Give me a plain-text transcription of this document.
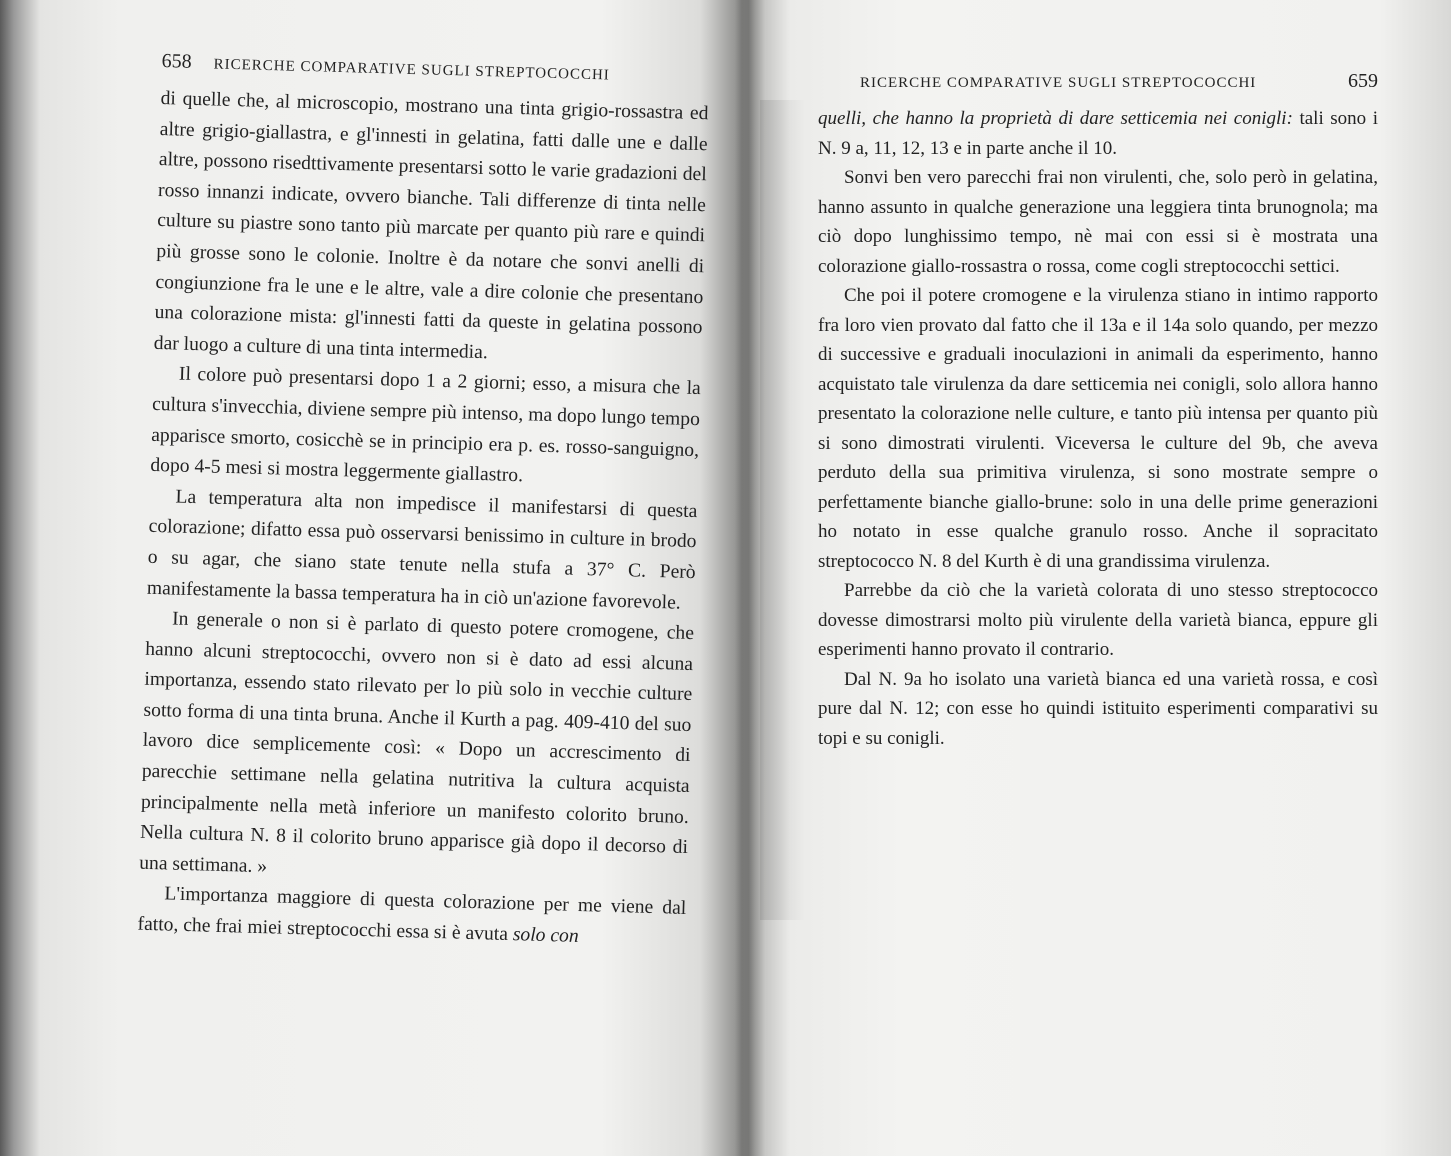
658 RICERCHE COMPARATIVE SUGLI STREPTOCOCCHI

di quelle che, al microscopio, mostrano una tinta grigio-rossastra ed altre grigio-giallastra, e gl'innesti in gelatina, fatti dalle une e dalle altre, possono risedttivamente presentarsi sotto le varie gradazioni del rosso innanzi indicate, ovvero bianche. Tali differenze di tinta nelle culture su piastre sono tanto più marcate per quanto più rare e quindi più grosse sono le colonie. Inoltre è da notare che sonvi anelli di congiunzione fra le une e le altre, vale a dire colonie che presentano una colorazione mista: gl'innesti fatti da queste in gelatina possono dar luogo a culture di una tinta intermedia.

Il colore può presentarsi dopo 1 a 2 giorni; esso, a misura che la cultura s'invecchia, diviene sempre più intenso, ma dopo lungo tempo apparisce smorto, cosicchè se in principio era p. es. rosso-sanguigno, dopo 4-5 mesi si mostra leggermente giallastro.

La temperatura alta non impedisce il manifestarsi di questa colorazione; difatto essa può osservarsi benissimo in culture in brodo o su agar, che siano state tenute nella stufa a 37° C. Però manifestamente la bassa temperatura ha in ciò un'azione favorevole.

In generale o non si è parlato di questo potere cromogene, che hanno alcuni streptococchi, ovvero non si è dato ad essi alcuna importanza, essendo stato rilevato per lo più solo in vecchie culture sotto forma di una tinta bruna. Anche il Kurth a pag. 409-410 del suo lavoro dice semplicemente così: « Dopo un accrescimento di parecchie settimane nella gelatina nutritiva la cultura acquista principalmente nella metà inferiore un manifesto colorito bruno. Nella cultura N. 8 il colorito bruno apparisce già dopo il decorso di una settimana. »

L'importanza maggiore di questa colorazione per me viene dal fatto, che frai miei streptococchi essa si è avuta solo con

RICERCHE COMPARATIVE SUGLI STREPTOCOCCHI	659

quelli, che hanno la proprietà di dare setticemia nei conigli: tali sono i N. 9 a, 11, 12, 13 e in parte anche il 10.

Sonvi ben vero parecchi frai non virulenti, che, solo però in gelatina, hanno assunto in qualche generazione una leggiera tinta brunognola; ma ciò dopo lunghissimo tempo, nè mai con essi si è mostrata una colorazione giallo-rossastra o rossa, come cogli streptococchi settici.

Che poi il potere cromogene e la virulenza stiano in intimo rapporto fra loro vien provato dal fatto che il 13a e il 14a solo quando, per mezzo di successive e graduali inoculazioni in animali da esperimento, hanno acquistato tale virulenza da dare setticemia nei conigli, solo allora hanno presentato la colorazione nelle culture, e tanto più intensa per quanto più si sono dimostrati virulenti. Viceversa le culture del 9b, che aveva perduto della sua primitiva virulenza, si sono mostrate sempre o perfettamente bianche giallo-brune: solo in una delle prime generazioni ho notato in esse qualche granulo rosso. Anche il sopracitato streptococco N. 8 del Kurth è di una grandissima virulenza.

Parrebbe da ciò che la varietà colorata di uno stesso streptococco dovesse dimostrarsi molto più virulente della varietà bianca, eppure gli esperimenti hanno provato il contrario.

Dal N. 9a ho isolato una varietà bianca ed una varietà rossa, e così pure dal N. 12; con esse ho quindi istituito esperimenti comparativi su topi e su conigli.
